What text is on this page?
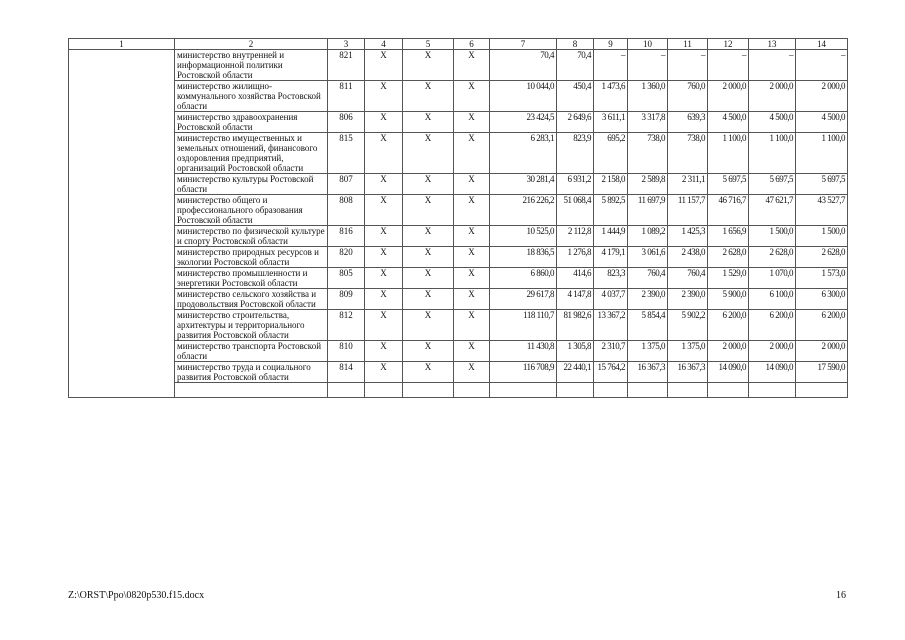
1	2	3	4	5	6	7	8	9	10	11	12	13	14
	министерство внутренней и информационной политики Ростовской области	821	X	X	X	70,4	70,4	–	–	–	–	–	–
	министерство жилищно-коммунального хозяйства Ростовской области	811	X	X	X	10 044,0	450,4	1 473,6	1 360,0	760,0	2 000,0	2 000,0	2 000,0
	министерство здравоохранения Ростовской области	806	X	X	X	23 424,5	2 649,6	3 611,1	3 317,8	639,3	4 500,0	4 500,0	4 500,0
	министерство имущественных и земельных отношений, финансового оздоровления предприятий, организаций Ростовской области	815	X	X	X	6 283,1	823,9	695,2	738,0	738,0	1 100,0	1 100,0	1 100,0
	министерство культуры Ростовской области	807	X	X	X	30 281,4	6 931,2	2 158,0	2 589,8	2 311,1	5 697,5	5 697,5	5 697,5
	министерство общего и профессионального образования Ростовской области	808	X	X	X	216 226,2	51 068,4	5 892,5	11 697,9	11 157,7	46 716,7	47 621,7	43 527,7
	министерство по физической культуре и спорту Ростовской области	816	X	X	X	10 525,0	2 112,8	1 444,9	1 089,2	1 425,3	1 656,9	1 500,0	1 500,0
	министерство природных ресурсов и экологии Ростовской области	820	X	X	X	18 836,5	1 276,8	4 179,1	3 061,6	2 438,0	2 628,0	2 628,0	2 628,0
	министерство промышленности и энергетики Ростовской области	805	X	X	X	6 860,0	414,6	823,3	760,4	760,4	1 529,0	1 070,0	1 573,0
	министерство сельского хозяйства и продовольствия Ростовской области	809	X	X	X	29 617,8	4 147,8	4 037,7	2 390,0	2 390,0	5 900,0	6 100,0	6 300,0
	министерство строительства, архитектуры и территориального развития Ростовской области	812	X	X	X	118 110,7	81 982,6	13 367,2	5 854,4	5 902,2	6 200,0	6 200,0	6 200,0
	министерство транспорта Ростовской области	810	X	X	X	11 430,8	1 305,8	2 310,7	1 375,0	1 375,0	2 000,0	2 000,0	2 000,0
	министерство труда и социального развития Ростовской области	814	X	X	X	116 708,9	22 440,1	15 764,2	16 367,3	16 367,3	14 090,0	14 090,0	17 590,0

Z:\ORST\Ppo\0820p530.f15.docx	16
